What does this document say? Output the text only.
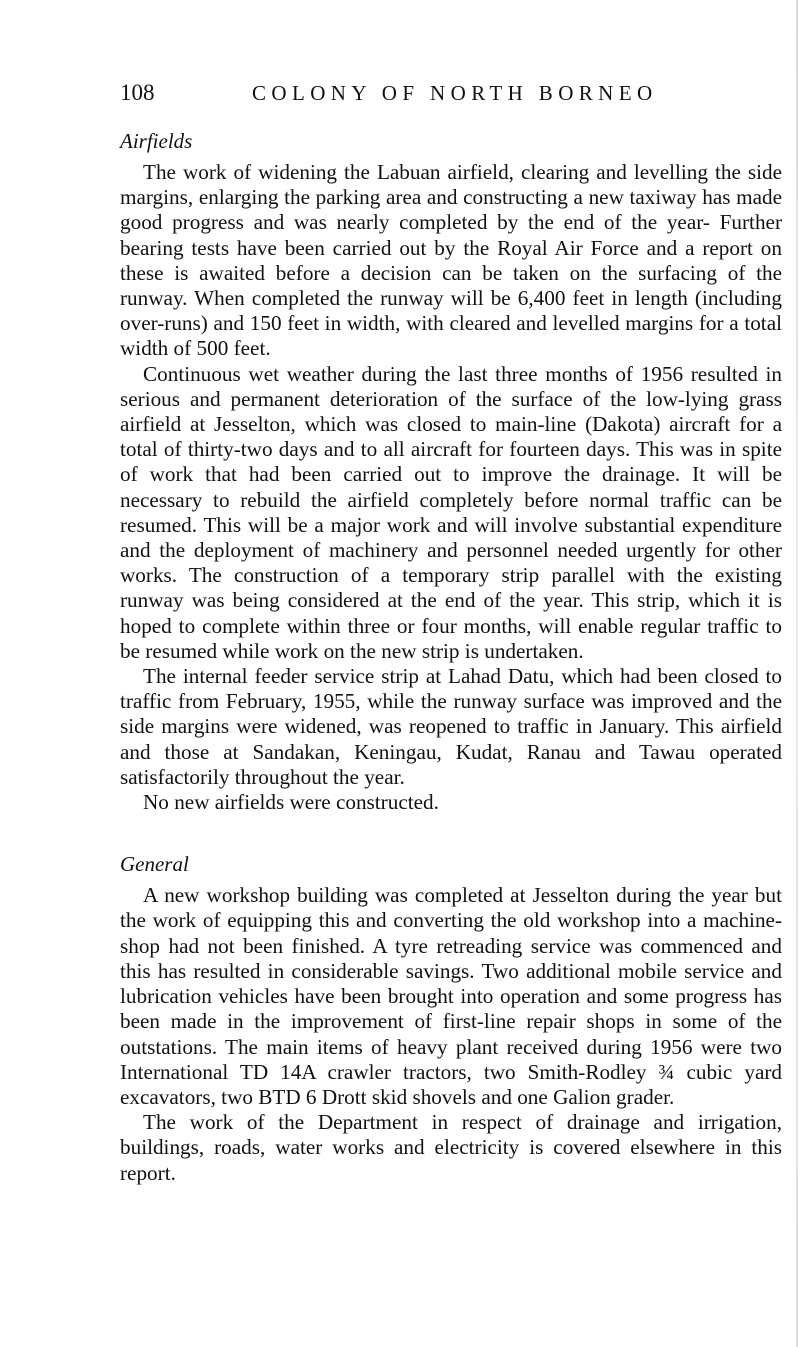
108	COLONY OF NORTH BORNEO
Airfields

The work of widening the Labuan airfield, clearing and levelling the side margins, enlarging the parking area and constructing a new taxiway has made good progress and was nearly completed by the end of the year- Further bearing tests have been carried out by the Royal Air Force and a report on these is awaited before a decision can be taken on the surfacing of the runway. When completed the runway will be 6,400 feet in length (including over-runs) and 150 feet in width, with cleared and levelled margins for a total width of 500 feet.

Continuous wet weather during the last three months of 1956 resulted in serious and permanent deterioration of the surface of the low-lying grass airfield at Jesselton, which was closed to main-line (Dakota) aircraft for a total of thirty-two days and to all aircraft for fourteen days. This was in spite of work that had been carried out to improve the drainage. It will be necessary to rebuild the airfield completely before normal traffic can be resumed. This will be a major work and will involve substantial expenditure and the deployment of machinery and personnel needed urgently for other works. The construction of a temporary strip parallel with the existing runway was being considered at the end of the year. This strip, which it is hoped to complete within three or four months, will enable regular traffic to be resumed while work on the new strip is undertaken.

The internal feeder service strip at Lahad Datu, which had been closed to traffic from February, 1955, while the runway surface was improved and the side margins were widened, was reopened to traffic in January. This airfield and those at Sandakan, Keningau, Kudat, Ranau and Tawau operated satisfactorily throughout the year.

No new airfields were constructed.

General

A new workshop building was completed at Jesselton during the year but the work of equipping this and converting the old workshop into a machine-shop had not been finished. A tyre retreading service was commenced and this has resulted in considerable savings. Two additional mobile service and lubrication vehicles have been brought into operation and some progress has been made in the improvement of first-line repair shops in some of the outstations. The main items of heavy plant received during 1956 were two International TD 14A crawler tractors, two Smith-Rodley ¾ cubic yard excavators, two BTD 6 Drott skid shovels and one Galion grader.

The work of the Department in respect of drainage and irrigation, buildings, roads, water works and electricity is covered elsewhere in this report.
